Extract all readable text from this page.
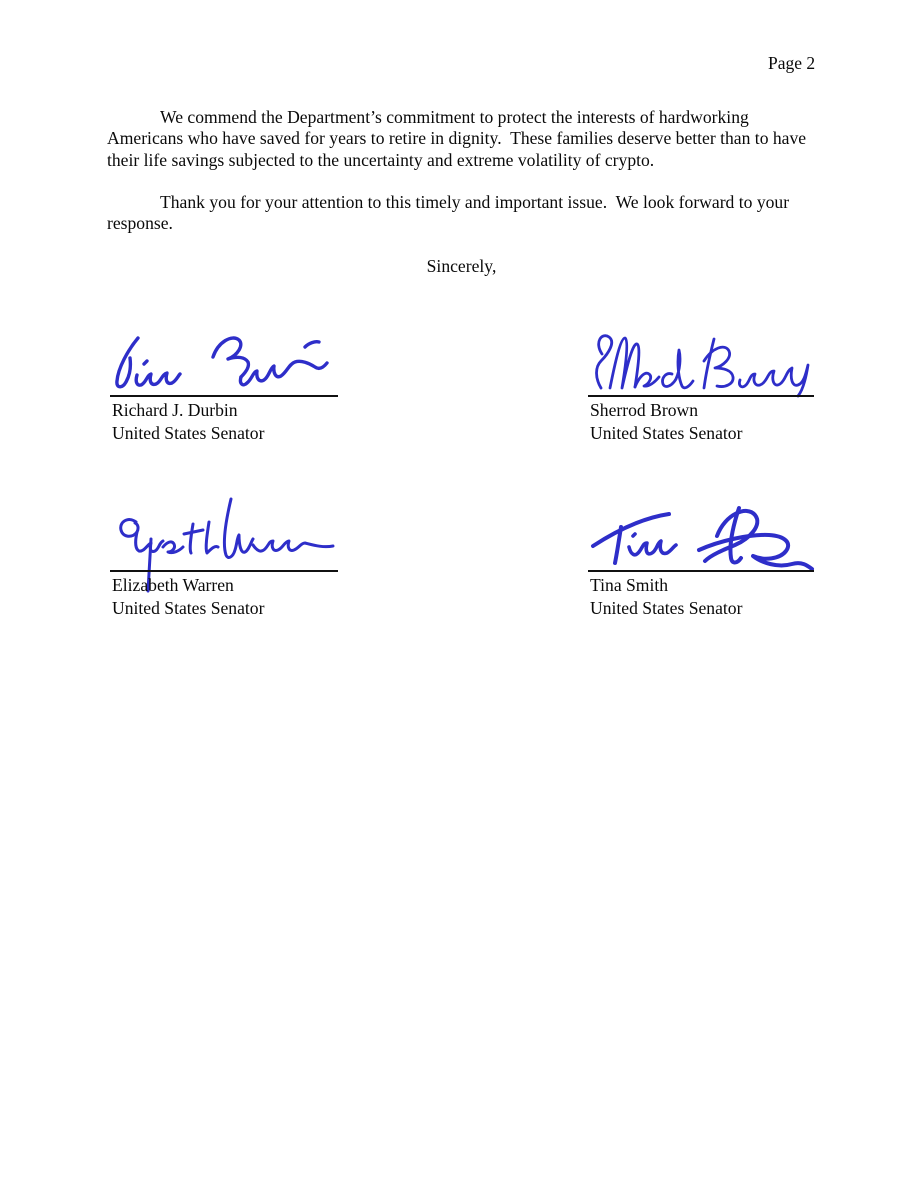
Page 2
We commend the Department’s commitment to protect the interests of hardworking Americans who have saved for years to retire in dignity.  These families deserve better than to have their life savings subjected to the uncertainty and extreme volatility of crypto.
Thank you for your attention to this timely and important issue.  We look forward to your response.
Sincerely,
Richard J. Durbin
United States Senator
Sherrod Brown
United States Senator
Elizabeth Warren
United States Senator
Tina Smith
United States Senator
